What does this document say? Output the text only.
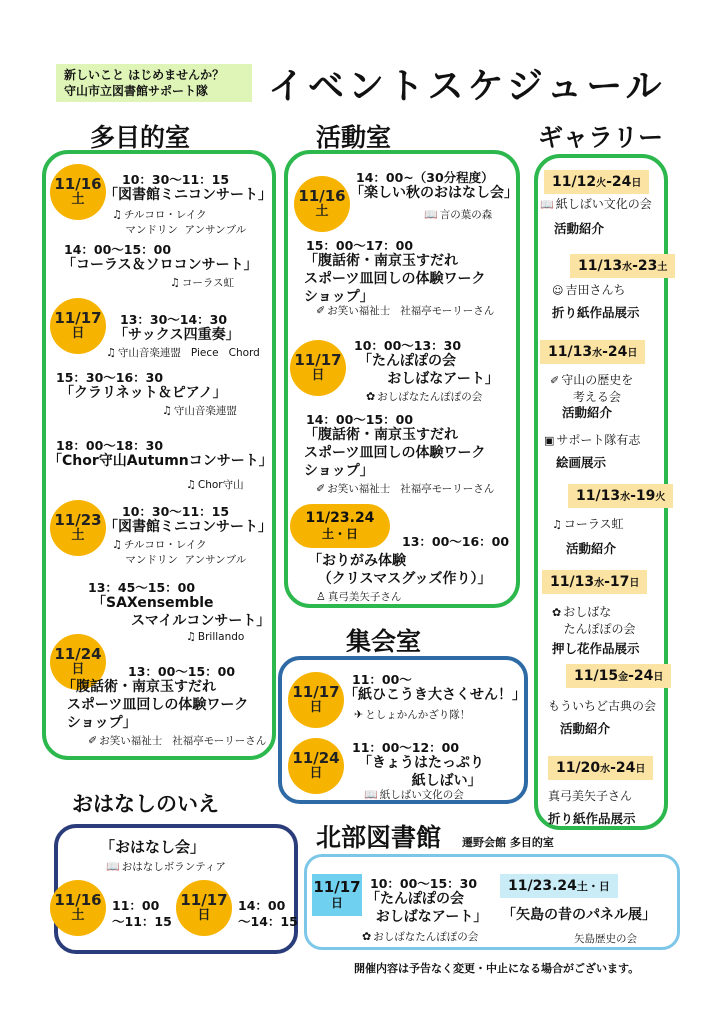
新しいこと はじめませんか？
守山市立図書館サポート隊	イベントスケジュール
多目的室	活動室	ギャラリー
11/16
土
10：30～11：15
「図書館ミニコンサート」
♫ チルコロ・レイク
マンドリン  アンサンブル
14：00～15：00
「コーラス＆ソロコンサート」
♫ コーラス虹
11/17
日
13：30～14：30
「サックス四重奏」
♫ 守山音楽連盟   Piece   Chord
15：30～16：30
「クラリネット＆ピアノ」
♫ 守山音楽連盟
18：00～18：30
「Chor守山Autumnコンサート」
♫ Chor守山
11/23
土
10：30～11：15
「図書館ミニコンサート」
♫ チルコロ・レイク
マンドリン  アンサンブル
13：45～15：00
「SAXensemble
スマイルコンサート」
♫ Brillando
11/24
日	13：00～15：00
「腹話術・南京玉すだれ
スポーツ皿回しの体験ワーク
ショップ」
✐ お笑い福祉士   社福亭モーリーさん
11/16
土
14：00~（30分程度）
「楽しい秋のおはなし会」
📖 言の葉の森
15：00～17：00
「腹話術・南京玉すだれ
スポーツ皿回しの体験ワーク
ショップ」
✐ お笑い福祉士   社福亭モーリーさん
11/17
日
10：00～13：30
「たんぽぽの会
おしばなアート」
✿ おしばなたんぽぽの会
14：00～15：00
「腹話術・南京玉すだれ
スポーツ皿回しの体験ワーク
ショップ」
✐ お笑い福祉士   社福亭モーリーさん
11/23.24
土・日	13：00～16：00
「おりがみ体験
（クリスマスグッズ作り）」
♙ 真弓美矢子さん
集会室
11/17
日
11：00～
「紙ひこうき大さくせん！」
✈ としょかんかざり隊！
11/24
日
11：00～12：00
「きょうはたっぷり
紙しばい」
📖 紙しばい文化の会
11/12火-24日
📖 紙しばい文化の会
活動紹介
11/13水-23土
☺ 吉田さんち
折り紙作品展示
11/13水-24日
✐ 守山の歴史を
考える会
活動紹介
▣ サポート隊有志
絵画展示
11/13水-19火
♫ コーラス虹
活動紹介
11/13水-17日
✿ おしばな
たんぽぽの会
押し花作品展示
11/15金-24日
もういちど古典の会
活動紹介
11/20水-24日
真弓美矢子さん
折り紙作品展示
おはなしのいえ
「おはなし会」
📖 おはなしボランティア
11/16
土
11：00
～11：15
11/17
日
14：00
～14：15
北部図書館 遷野会館 多目的室
11/17
日
10：00～15：30
「たんぽぽの会
おしばなアート」
✿ おしばなたんぽぽの会
11/23.24土・日
「矢島の昔のパネル展」
矢島歴史の会
開催内容は予告なく変更・中止になる場合がございます。
